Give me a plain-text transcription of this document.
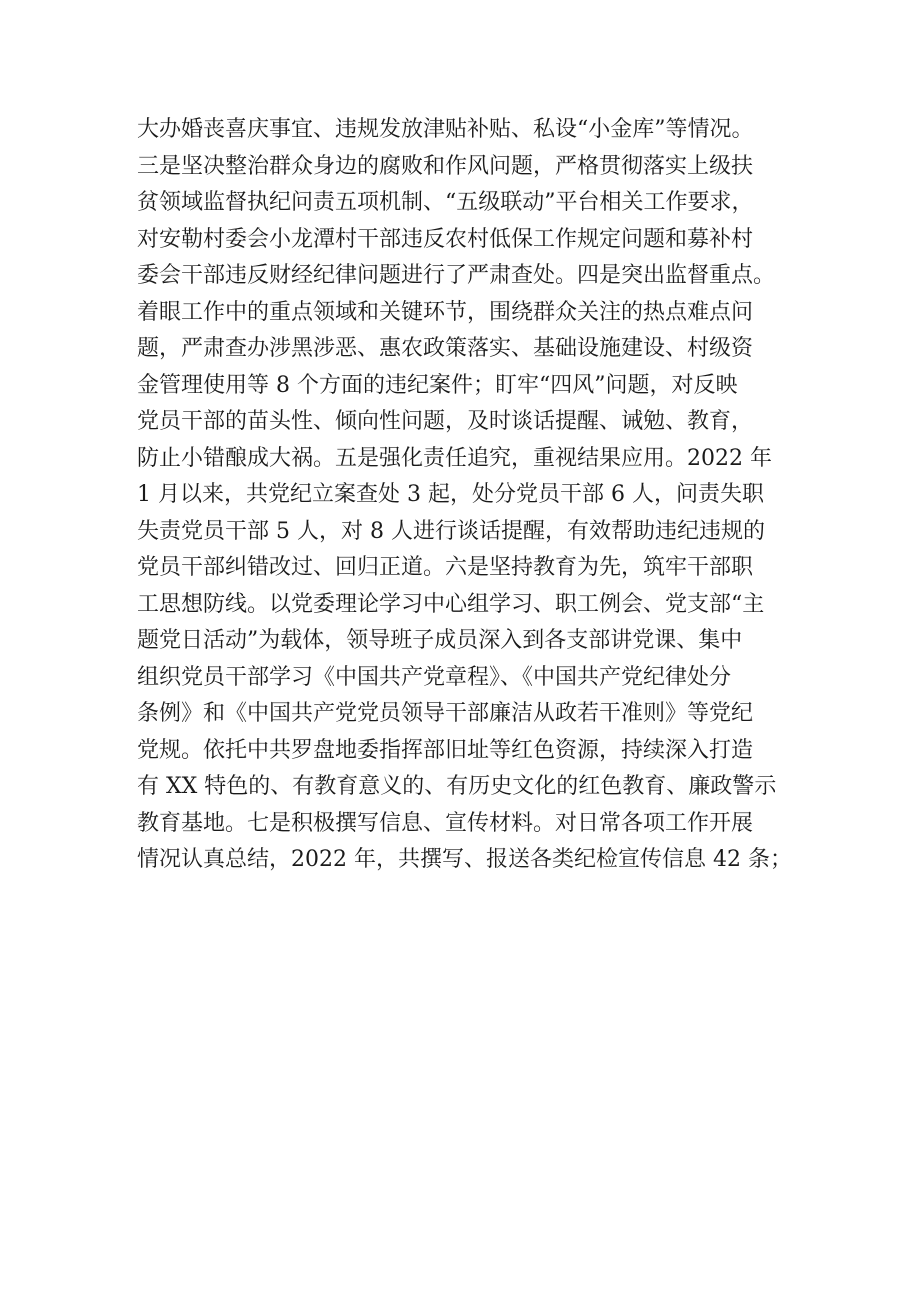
大办婚丧喜庆事宜、违规发放津贴补贴、私设“小金库”等情况。
三是坚决整治群众身边的腐败和作风问题，严格贯彻落实上级扶
贫领域监督执纪问责五项机制、“五级联动”平台相关工作要求，
对安勒村委会小龙潭村干部违反农村低保工作规定问题和募补村
委会干部违反财经纪律问题进行了严肃查处。四是突出监督重点。
着眼工作中的重点领域和关键环节，围绕群众关注的热点难点问
题，严肃查办涉黑涉恶、惠农政策落实、基础设施建设、村级资
金管理使用等 8 个方面的违纪案件；盯牢“四风”问题，对反映
党员干部的苗头性、倾向性问题，及时谈话提醒、诫勉、教育，
防止小错酿成大祸。五是强化责任追究，重视结果应用。2022 年
1 月以来，共党纪立案查处 3 起，处分党员干部 6 人，问责失职
失责党员干部 5 人，对 8 人进行谈话提醒，有效帮助违纪违规的
党员干部纠错改过、回归正道。六是坚持教育为先，筑牢干部职
工思想防线。以党委理论学习中心组学习、职工例会、党支部“主
题党日活动”为载体，领导班子成员深入到各支部讲党课、集中
组织党员干部学习《中国共产党章程》、《中国共产党纪律处分
条例》和《中国共产党党员领导干部廉洁从政若干准则》等党纪
党规。依托中共罗盘地委指挥部旧址等红色资源，持续深入打造
有 XX 特色的、有教育意义的、有历史文化的红色教育、廉政警示
教育基地。七是积极撰写信息、宣传材料。对日常各项工作开展
情况认真总结，2022 年，共撰写、报送各类纪检宣传信息 42 条；
